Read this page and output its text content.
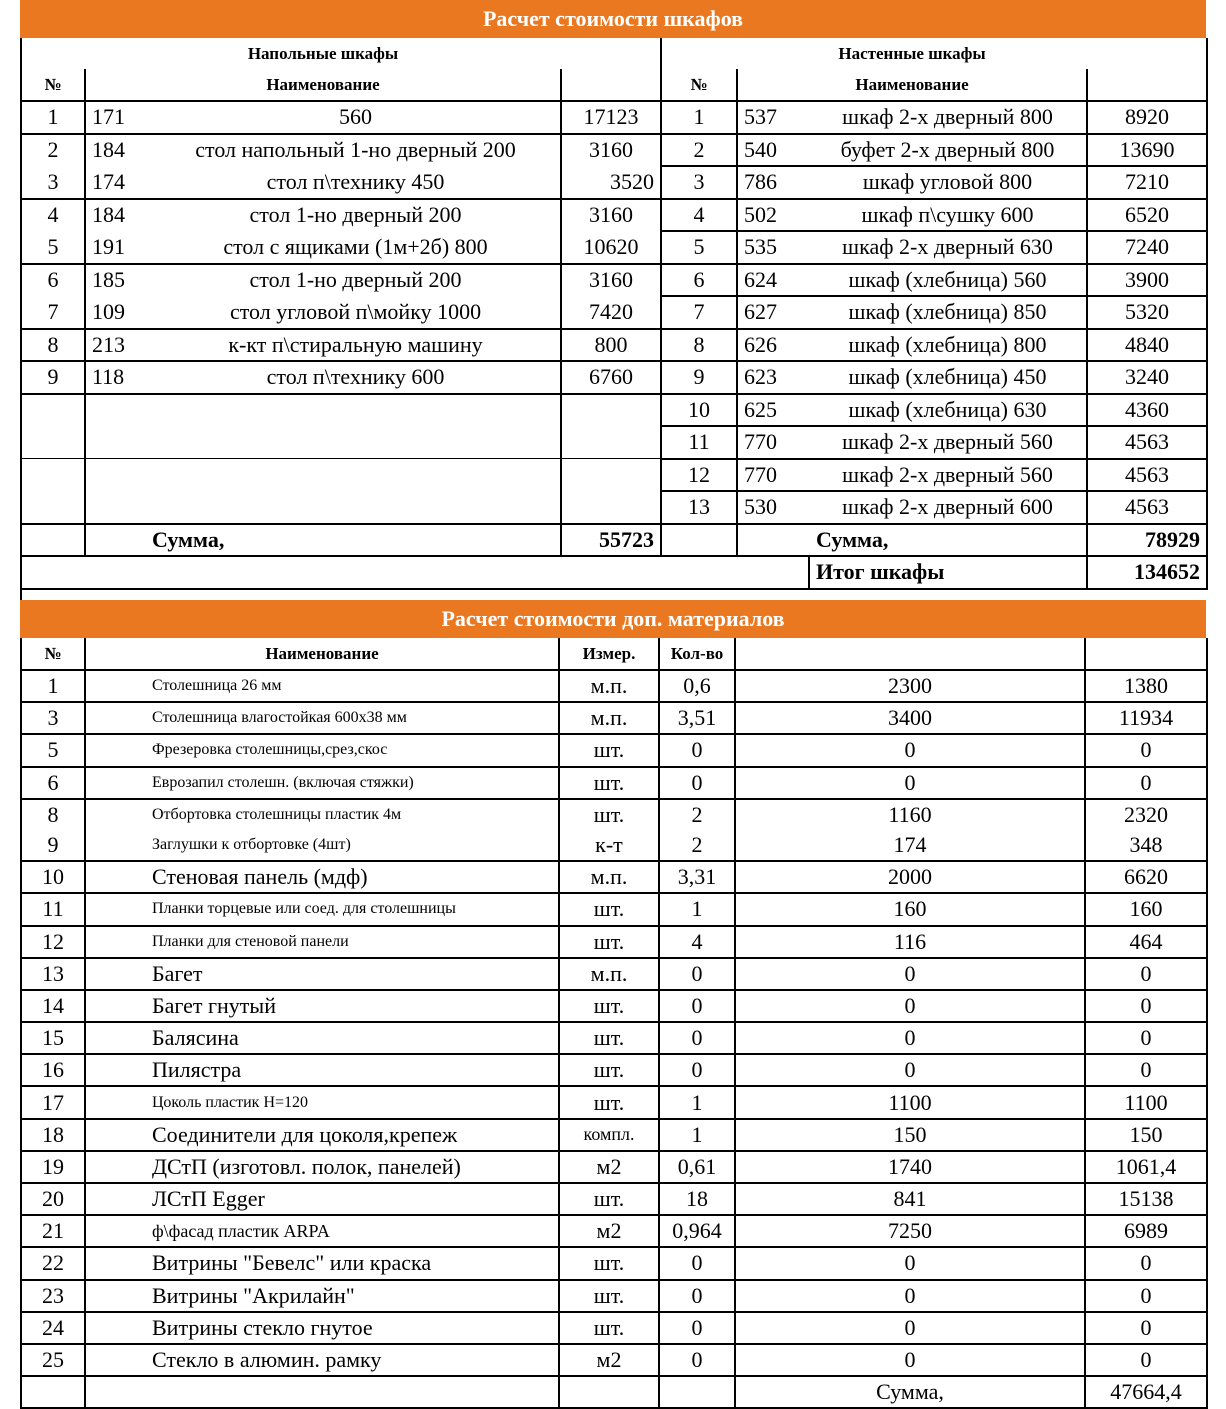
Расчет стоимости шкафов
	Напольные шкафы				Настенные шкафы		
№	Наименование			№	Наименование		
1	171	560	17123	1	537	шкаф 2-х дверный 800	8920
2	184	стол напольный 1-но дверный 200	3160	2	540	буфет 2-х дверный 800	13690
3	174	стол п\технику 450	3520	3	786	шкаф угловой 800	7210
4	184	стол 1-но дверный 200	3160	4	502	шкаф п\сушку 600	6520
5	191	стол с ящиками (1м+2б) 800	10620	5	535	шкаф 2-х дверный 630	7240
6	185	стол 1-но дверный 200	3160	6	624	шкаф (хлебница) 560	3900
7	109	стол угловой п\мойку 1000	7420	7	627	шкаф (хлебница) 850	5320
8	213	к-кт п\стиральную машину	800	8	626	шкаф (хлебница) 800	4840
9	118	стол п\технику 600	6760	9	623	шкаф (хлебница) 450	3240
				10	625	шкаф (хлебница) 630	4360
				11	770	шкаф 2-х дверный 560	4563
				12	770	шкаф 2-х дверный 560	4563
				13	530	шкаф 2-х дверный 600	4563
	Сумма,		55723		Сумма,		78929
						Итог шкафы	134652
Расчет стоимости доп. материалов
№	Наименование	Измер.	Кол-во		
1	Столешница 26 мм	м.п.	0,6	2300	1380
3	Столешница влагостойкая 600х38 мм	м.п.	3,51	3400	11934
5	Фрезеровка столешницы,срез,скос	шт.	0	0	0
6	Еврозапил столешн. (включая стяжки)	шт.	0	0	0
8	Отбортовка столешницы пластик 4м	шт.	2	1160	2320
9	Заглушки к отбортовке (4шт)	к-т	2	174	348
10	Стеновая панель (мдф)	м.п.	3,31	2000	6620
11	Планки торцевые или соед. для столешницы	шт.	1	160	160
12	Планки для стеновой панели	шт.	4	116	464
13	Багет	м.п.	0	0	0
14	Багет гнутый	шт.	0	0	0
15	Балясина	шт.	0	0	0
16	Пилястра	шт.	0	0	0
17	Цоколь пластик Н=120	шт.	1	1100	1100
18	Соединители для цоколя,крепеж	компл.	1	150	150
19	ДСтП (изготовл. полок, панелей)	м2	0,61	1740	1061,4
20	ЛСтП Egger	шт.	18	841	15138
21	ф\фасад пластик ARPA	м2	0,964	7250	6989
22	Витрины "Бевелс" или краска	шт.	0	0	0
23	Витрины "Акрилайн"	шт.	0	0	0
24	Витрины стекло гнутое	шт.	0	0	0
25	Стекло в алюмин. рамку	м2	0	0	0
				Сумма,	47664,4
